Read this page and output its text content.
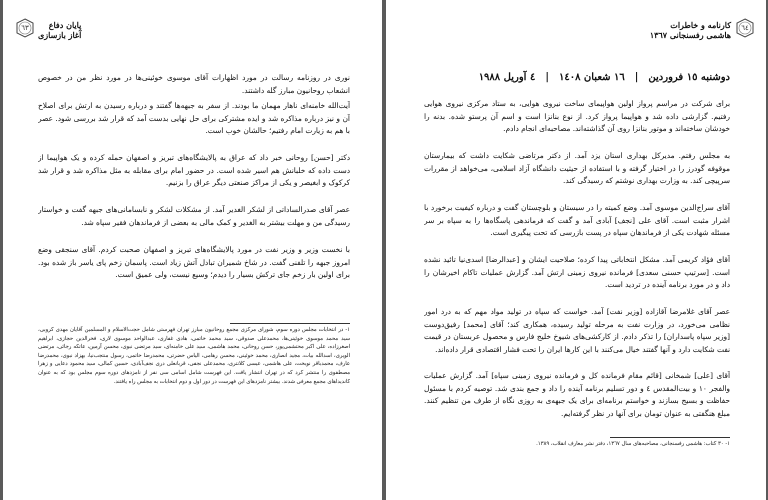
٦٣	پایان دفاع
آغاز بازسازی

نوری در روزنامه رسالت در مورد اظهارات آقای موسوی خوئینی‌ها در مورد نظر من در خصوص انشعاب روحانیون مبارز گله داشتند.

آیت‌الله خامنه‌ای ناهار مهمان ما بودند. از سفر به جبهه‌ها گفتند و درباره رسیدن به ارتش برای اصلاح آن و نیز درباره مذاکره شد و ایده مشترکی برای حل نهایی بدست آمد که قرار شد بررسی شود. عصر با هم به زیارت امام رفتیم؛ حالشان خوب است.

دکتر [حسن] روحانی خبر داد که عراق به پالایشگاه‌های تبریز و اصفهان حمله کرده و یک هواپیما از دست داده که خلبانش هم اسیر شده است. در حضور امام برای مقابله به مثل مذاکره شد و قرار شد کرکوک و ابغیصر و یکی از مراکز صنعتی دیگر عراق را بزنیم.

عصر آقای صدرالساداتی از لشکر الغدیر آمد. از مشکلات لشکر و نابسامانی‌های جبهه گفت و خواستار رسیدگی من و مهلت بیشتر به الغدیر و کمک مالی به بعضی از فرماندهان فقیر سپاه شد.

با نخست وزیر و وزیر نفت در مورد پالایشگاه‌های تبریز و اصفهان صحبت کردم. آقای سنجقی وضع امروز جبهه را تلفنی گفت. در شاخ شمیران تبادل آتش زیاد است. پاسمان زخم پای یاسر باز شده بود. برای اولین بار زخم جای ترکش بسیار را دیدم؛ وسیع نیست، ولی عمیق است.

١- در انتخابات مجلس دوره سوم، شورای مرکزی مجمع روحانیون مبارز تهران فهرستی شامل حجت‌الاسلام و المسلمین آقایان مهدی کروبی، سید محمد موسوی خوئینی‌ها، محمدعلی صدوقی، سید محمد خاتمی، هادی غفاری، عبدالواحد موسوی لاری، فخرالدین حجازی، ابراهیم اصغرزاده، علی اکبر محتشمی‌پور، حسن روحانی، محمد هاشمی، سید علی خامنه‌ای، سید مرتضی نبوی، محسن آرمین، عاتکه رجائی، مرتضی الویری، اسدالله بیات، مجید انصاری، محمد خوئینی، محسن رهامی، الیاس حضرتی، محمدرضا خاتمی، رسول منتجب‌نیا، بهزاد نبوی، محمدرضا عارف، محمدباقر نوبخت، علی هاشمی، عیسی کلانتری، محمدعلی نجفی، قربانعلی دری نجف‌آبادی، حسین کمالی، سید محمود دعایی و زهرا مصطفوی را منتشر کرد که در تهران انتشار یافت. این فهرست شامل اسامی سی نفر از نامزدهای دوره سوم مجلس بود که به عنوان کاندیداهای مجمع معرفی شدند. بیشتر نامزدهای این فهرست در دور اول و دوم انتخابات به مجلس راه یافتند.

٦٤
کارنامه و خاطرات
هاشمی رفسنجانی ١٣٦٧
دوشنبه ١٥ فروردین
|
١٦ شعبان ١٤٠٨
|
٤ آوریل ١٩٨٨

برای شرکت در مراسم پرواز اولین هواپیمای ساخت نیروی هوایی، به ستاد مرکزی نیروی هوایی رفتیم. گزارشی داده شد و هواپیما پرواز کرد. از نوع بنانزا است و اسم آن پرستو شده. بدنه را خودشان ساخته‌اند و موتور بنانزا روی آن گذاشته‌اند. مصاحبه‌ای انجام دادم.

به مجلس رفتم. مدیرکل بهداری استان یزد آمد. از دکتر مرتاضی شکایت داشت که بیمارستان موقوفه گودرز را در اختیار گرفته و با استفاده از حیثیت دانشگاه آزاد اسلامی، می‌خواهد از مقررات سرپیچی کند. به وزارت بهداری نوشتم که رسیدگی کند.

آقای سراج‌الدین موسوی آمد. وضع کمیته را در سیستان و بلوچستان گفت و درباره کیفیت برخورد با اشرار مثبت است. آقای علی [نجف] آبادی آمد و گفت که فرماندهی پاسگاه‌ها را به سپاه بر سر مسئله شهادت یکی از فرماندهان سپاه در پست بازرسی که تحت پیگیری است.

آقای فؤاد کریمی آمد. مشکل انتخاباتی پیدا کرده؛ صلاحیت ایشان و [عبدالرضا] اسدی‌نیا تائید نشده است. [سرتیپ حسنی سعدی] فرمانده نیروی زمینی ارتش آمد. گزارش عملیات تاکام اخیرشان را داد و در مورد برنامه آینده در تردید است.

عصر آقای غلامرضا آقازاده [وزیر نفت] آمد. خواست که سپاه در تولید مواد مهم که به درد امور نظامی می‌خورد، در وزارت نفت به مرحله تولید رسیده، همکاری کند؛ آقای [محمد] رفیق‌دوست [وزیر سپاه پاسداران] را تذکر دادم. از کارکشی‌های شیوخ خلیج فارس و محصول عربستان در قیمت نفت شکایت دارد و آنها گفتند خیال می‌کنند با این کارها ایران را تحت فشار اقتصادی قرار داده‌اند.

آقای [علی] شمخانی [قائم مقام فرمانده کل و فرمانده نیروی زمینی سپاه] آمد. گزارش عملیات والفجر ١٠ و بیت‌المقدس ٤ و دور تسلیم برنامه آینده را داد و جمع بندی شد. توصیه کردم با مسئول حفاظت و بسیج بسازند و خواستم برنامه‌ای برای یک جبهه‌ی به روزی نگاه از طرف من تنظیم کنند. مبلغ هنگفتی به عنوان تومان برای آنها در نظر گرفته‌ایم.

١- ٣٠ کتاب: هاشمی رفسنجانی، مصاحبه‌های سال ١٣٦٧، دفتر نشر معارف انقلاب، ١٣٨٩.
